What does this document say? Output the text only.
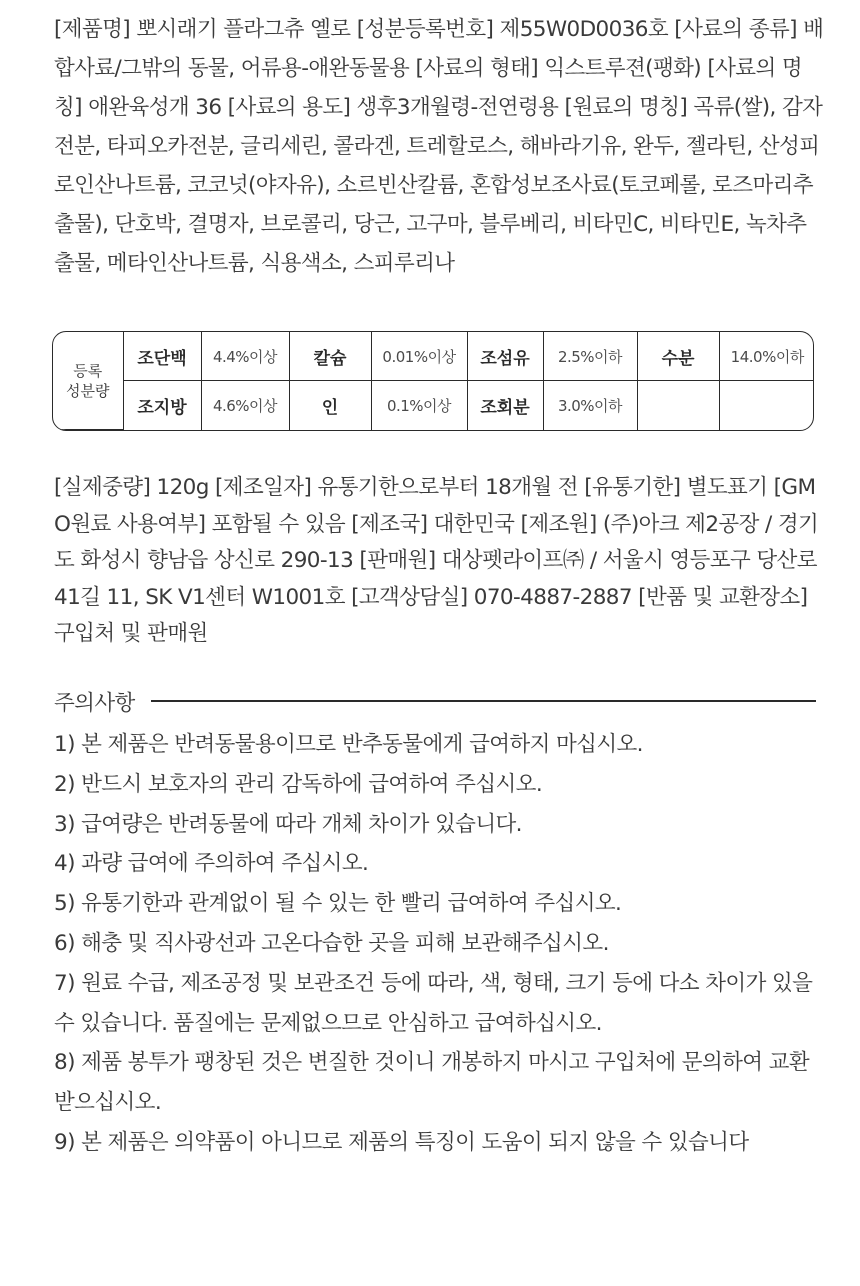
[제품명] 뽀시래기 플라그츄 옐로 [성분등록번호] 제55W0D0036호 [사료의 종류] 배합사료/그밖의 동물, 어류용-애완동물용 [사료의 형태] 익스트루젼(팽화) [사료의 명칭] 애완육성개 36 [사료의 용도] 생후3개월령-전연령용 [원료의 명칭] 곡류(쌀), 감자전분, 타피오카전분, 글리세린, 콜라겐, 트레할로스, 해바라기유, 완두, 젤라틴, 산성피로인산나트륨, 코코넛(야자유), 소르빈산칼륨, 혼합성보조사료(토코페롤, 로즈마리추출물), 단호박, 결명자, 브로콜리, 당근, 고구마, 블루베리, 비타민C, 비타민E, 녹차추출물, 메타인산나트륨, 식용색소, 스피루리나

등록
성분량	조단백	4.4%이상	칼슘	0.01%이상	조섬유	2.5%이하	수분	14.0%이하
	조지방	4.6%이상	인	0.1%이상	조회분	3.0%이하		

[실제중량] 120g [제조일자] 유통기한으로부터 18개월 전 [유통기한] 별도표기 [GMO원료 사용여부] 포함될 수 있음 [제조국] 대한민국 [제조원] (주)아크 제2공장 / 경기도 화성시 향남읍 상신로 290-13 [판매원] 대상펫라이프㈜ / 서울시 영등포구 당산로 41길 11, SK V1센터 W1001호 [고객상담실] 070-4887-2887 [반품 및 교환장소]구입처 및 판매원

주의사항
1) 본 제품은 반려동물용이므로 반추동물에게 급여하지 마십시오.
2) 반드시 보호자의 관리 감독하에 급여하여 주십시오.
3) 급여량은 반려동물에 따라 개체 차이가 있습니다.
4) 과량 급여에 주의하여 주십시오.
5) 유통기한과 관계없이 될 수 있는 한 빨리 급여하여 주십시오.
6) 해충 및 직사광선과 고온다습한 곳을 피해 보관해주십시오.
7) 원료 수급, 제조공정 및 보관조건 등에 따라, 색, 형태, 크기 등에 다소 차이가 있을 수 있습니다. 품질에는 문제없으므로 안심하고 급여하십시오.
8) 제품 봉투가 팽창된 것은 변질한 것이니 개봉하지 마시고 구입처에 문의하여 교환 받으십시오.
9) 본 제품은 의약품이 아니므로 제품의 특징이 도움이 되지 않을 수 있습니다
